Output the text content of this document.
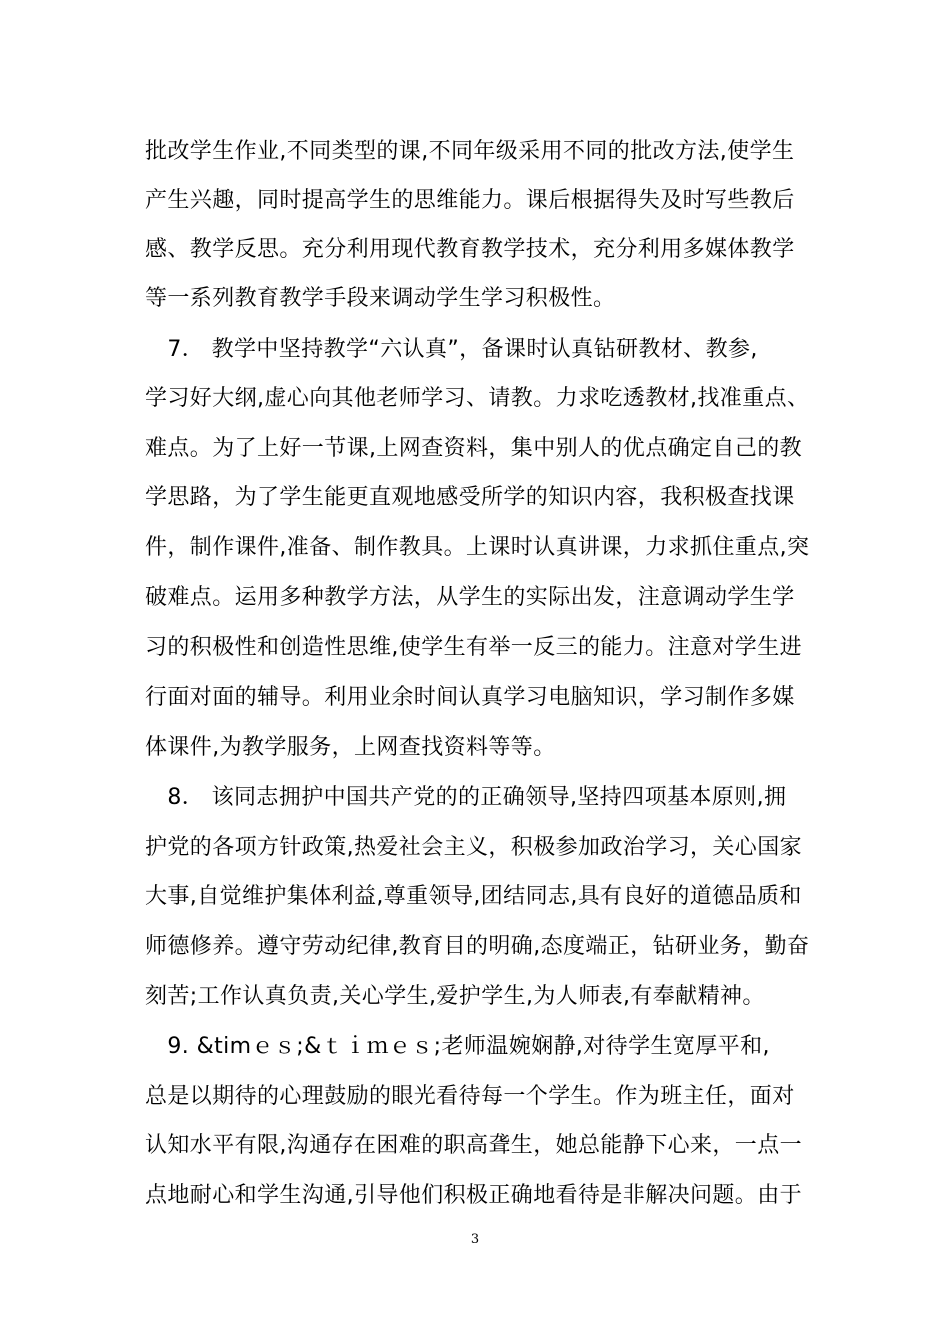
批改学生作业,不同类型的课,不同年级采用不同的批改方法,使学生
产生兴趣，同时提高学生的思维能力。课后根据得失及时写些教后
感、教学反思。充分利用现代教育教学技术，充分利用多媒体教学
等一系列教育教学手段来调动学生学习积极性。
　7． 教学中坚持教学“六认真”，备课时认真钻研教材、教参,
学习好大纲,虚心向其他老师学习、请教。力求吃透教材,找准重点、
难点。为了上好一节课,上网查资料，集中别人的优点确定自己的教
学思路，为了学生能更直观地感受所学的知识内容，我积极查找课
件，制作课件,准备、制作教具。上课时认真讲课，力求抓住重点,突
破难点。运用多种教学方法，从学生的实际出发，注意调动学生学
习的积极性和创造性思维,使学生有举一反三的能力。注意对学生进
行面对面的辅导。利用业余时间认真学习电脑知识，学习制作多媒
体课件,为教学服务，上网查找资料等等。
　8． 该同志拥护中国共产党的的正确领导,坚持四项基本原则,拥
护党的各项方针政策,热爱社会主义，积极参加政治学习，关心国家
大事,自觉维护集体利益,尊重领导,团结同志,具有良好的道德品质和
师德修养。遵守劳动纪律,教育目的明确,态度端正，钻研业务，勤奋
刻苦;工作认真负责,关心学生,爱护学生,为人师表,有奉献精神。
　9. &timｅｓ;&ｔｉｍｅｓ;老师温婉娴静,对待学生宽厚平和,
总是以期待的心理鼓励的眼光看待每一个学生。作为班主任，面对
认知水平有限,沟通存在困难的职高聋生，她总能静下心来，一点一
点地耐心和学生沟通,引导他们积极正确地看待是非解决问题。由于
3
